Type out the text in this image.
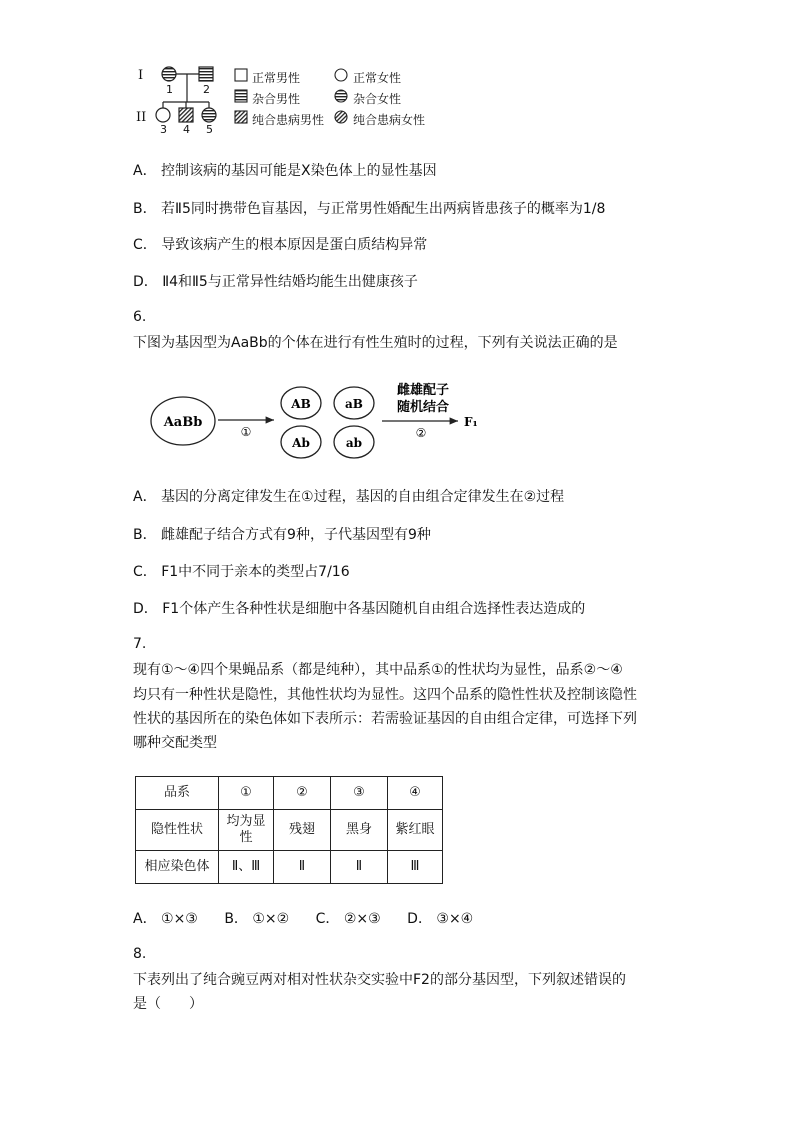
I
II
1	2
3 4 5
正常男性	正常女性
杂合男性	杂合女性
纯合患病男性 纯合患病女性
A． 控制该病的基因可能是X染色体上的显性基因
B． 若Ⅱ5同时携带色盲基因，与正常男性婚配生出两病皆患孩子的概率为1/8
C． 导致该病产生的根本原因是蛋白质结构异常
D． Ⅱ4和Ⅱ5与正常异性结婚均能生出健康孩子
6.
下图为基因型为AaBb的个体在进行有性生殖时的过程，下列有关说法正确的是
AaBb
①
AB	aB
Ab	ab
雌雄配子
随机结合
②
F₁
A． 基因的分离定律发生在①过程，基因的自由组合定律发生在②过程
B． 雌雄配子结合方式有9种，子代基因型有9种
C． F1中不同于亲本的类型占7/16
D． F1个体产生各种性状是细胞中各基因随机自由组合选择性表达造成的
7.
现有①～④四个果蝇品系（都是纯种），其中品系①的性状均为显性，品系②～④
均只有一种性状是隐性，其他性状均为显性。这四个品系的隐性性状及控制该隐性
性状的基因所在的染色体如下表所示：若需验证基因的自由组合定律，可选择下列
哪种交配类型
品系	①	②	③	④
隐性性状	均为显性	残翅	黑身	紫红眼
相应染色体	Ⅱ、Ⅲ	Ⅱ	Ⅱ	Ⅲ
A． ①×③ B． ①×② C． ②×③ D． ③×④
8.
下表列出了纯合豌豆两对相对性状杂交实验中F2的部分基因型，下列叙述错误的
是（　　）
